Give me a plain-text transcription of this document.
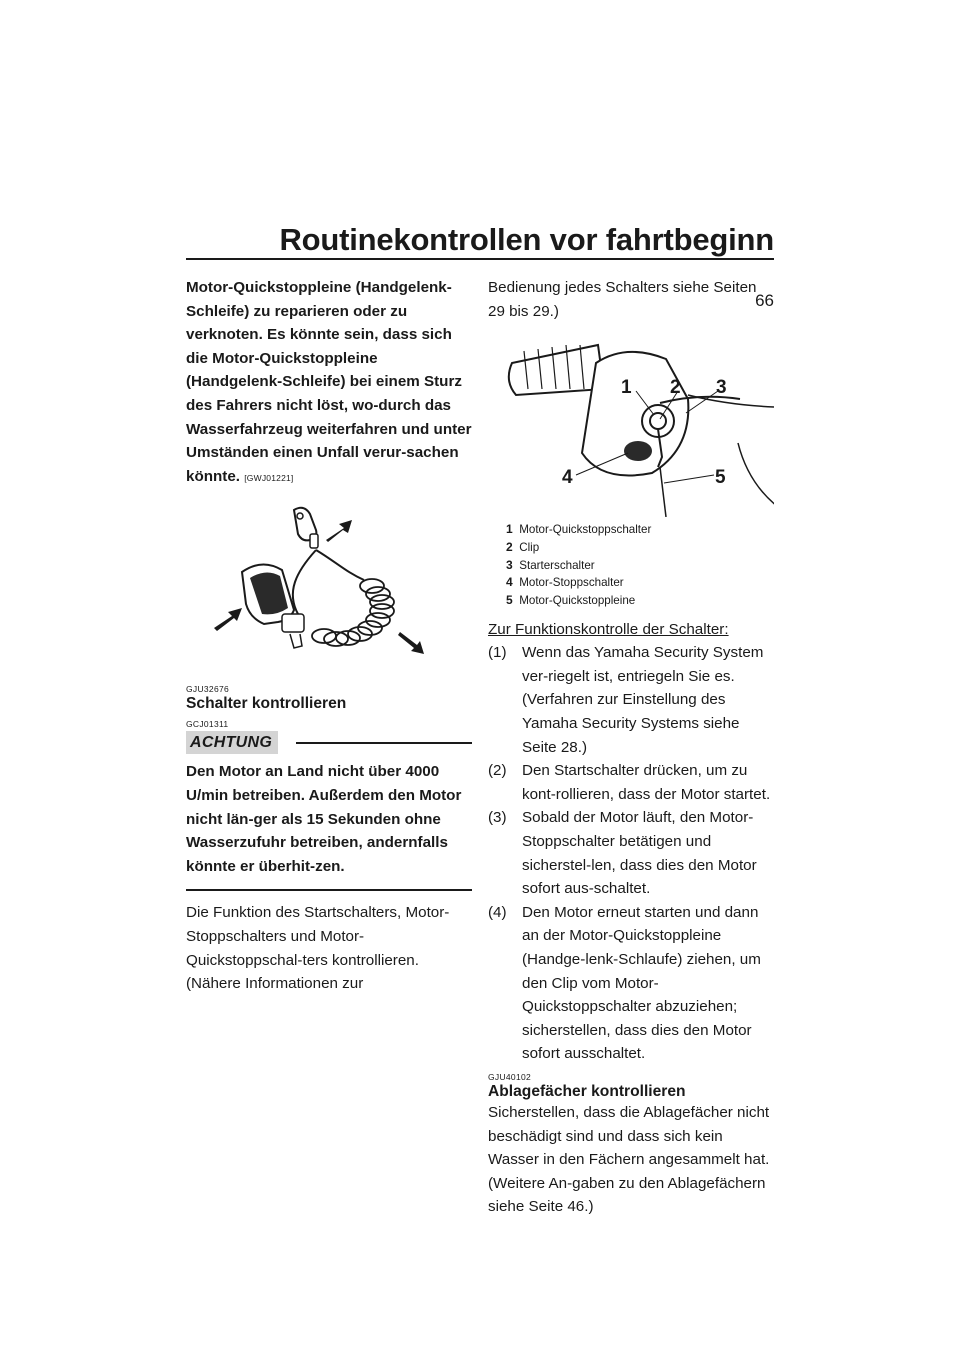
Routinekontrollen vor fahrtbeginn
66

Motor-Quickstoppleine (Handgelenk-Schleife) zu reparieren oder zu verknoten. Es könnte sein, dass sich die Motor-Quickstoppleine (Handgelenk-Schleife) bei einem Sturz des Fahrers nicht löst, wo-durch das Wasserfahrzeug weiterfahren und unter Umständen einen Unfall verur-sachen könnte. [GWJ01221]

GJU32676
Schalter kontrollieren
GCJ01311
ACHTUNG
Den Motor an Land nicht über 4000 U/min betreiben. Außerdem den Motor nicht län-ger als 15 Sekunden ohne Wasserzufuhr betreiben, andernfalls könnte er überhit-zen.

Die Funktion des Startschalters, Motor-Stoppschalters und Motor-Quickstoppschal-ters kontrollieren. (Nähere Informationen zur

Bedienung jedes Schalters siehe Seiten 29 bis 29.)

1 2 3
4	5
1 Motor-Quickstoppschalter
2 Clip
3 Starterschalter
4 Motor-Stoppschalter
5 Motor-Quickstoppleine
Zur Funktionskontrolle der Schalter:
(1)	Wenn das Yamaha Security System ver-riegelt ist, entriegeln Sie es. (Verfahren zur Einstellung des Yamaha Security Systems siehe Seite 28.)
(2)	Den Startschalter drücken, um zu kont-rollieren, dass der Motor startet.
(3)	Sobald der Motor läuft, den Motor-Stoppschalter betätigen und sicherstel-len, dass dies den Motor sofort aus-schaltet.
(4)	Den Motor erneut starten und dann an der Motor-Quickstoppleine (Handge-lenk-Schlaufe) ziehen, um den Clip vom Motor-Quickstoppschalter abzuziehen; sicherstellen, dass dies den Motor sofort ausschaltet.
GJU40102
Ablagefächer kontrollieren

Sicherstellen, dass die Ablagefächer nicht beschädigt sind und dass sich kein Wasser in den Fächern angesammelt hat. (Weitere An-gaben zu den Ablagefächern siehe Seite 46.)
